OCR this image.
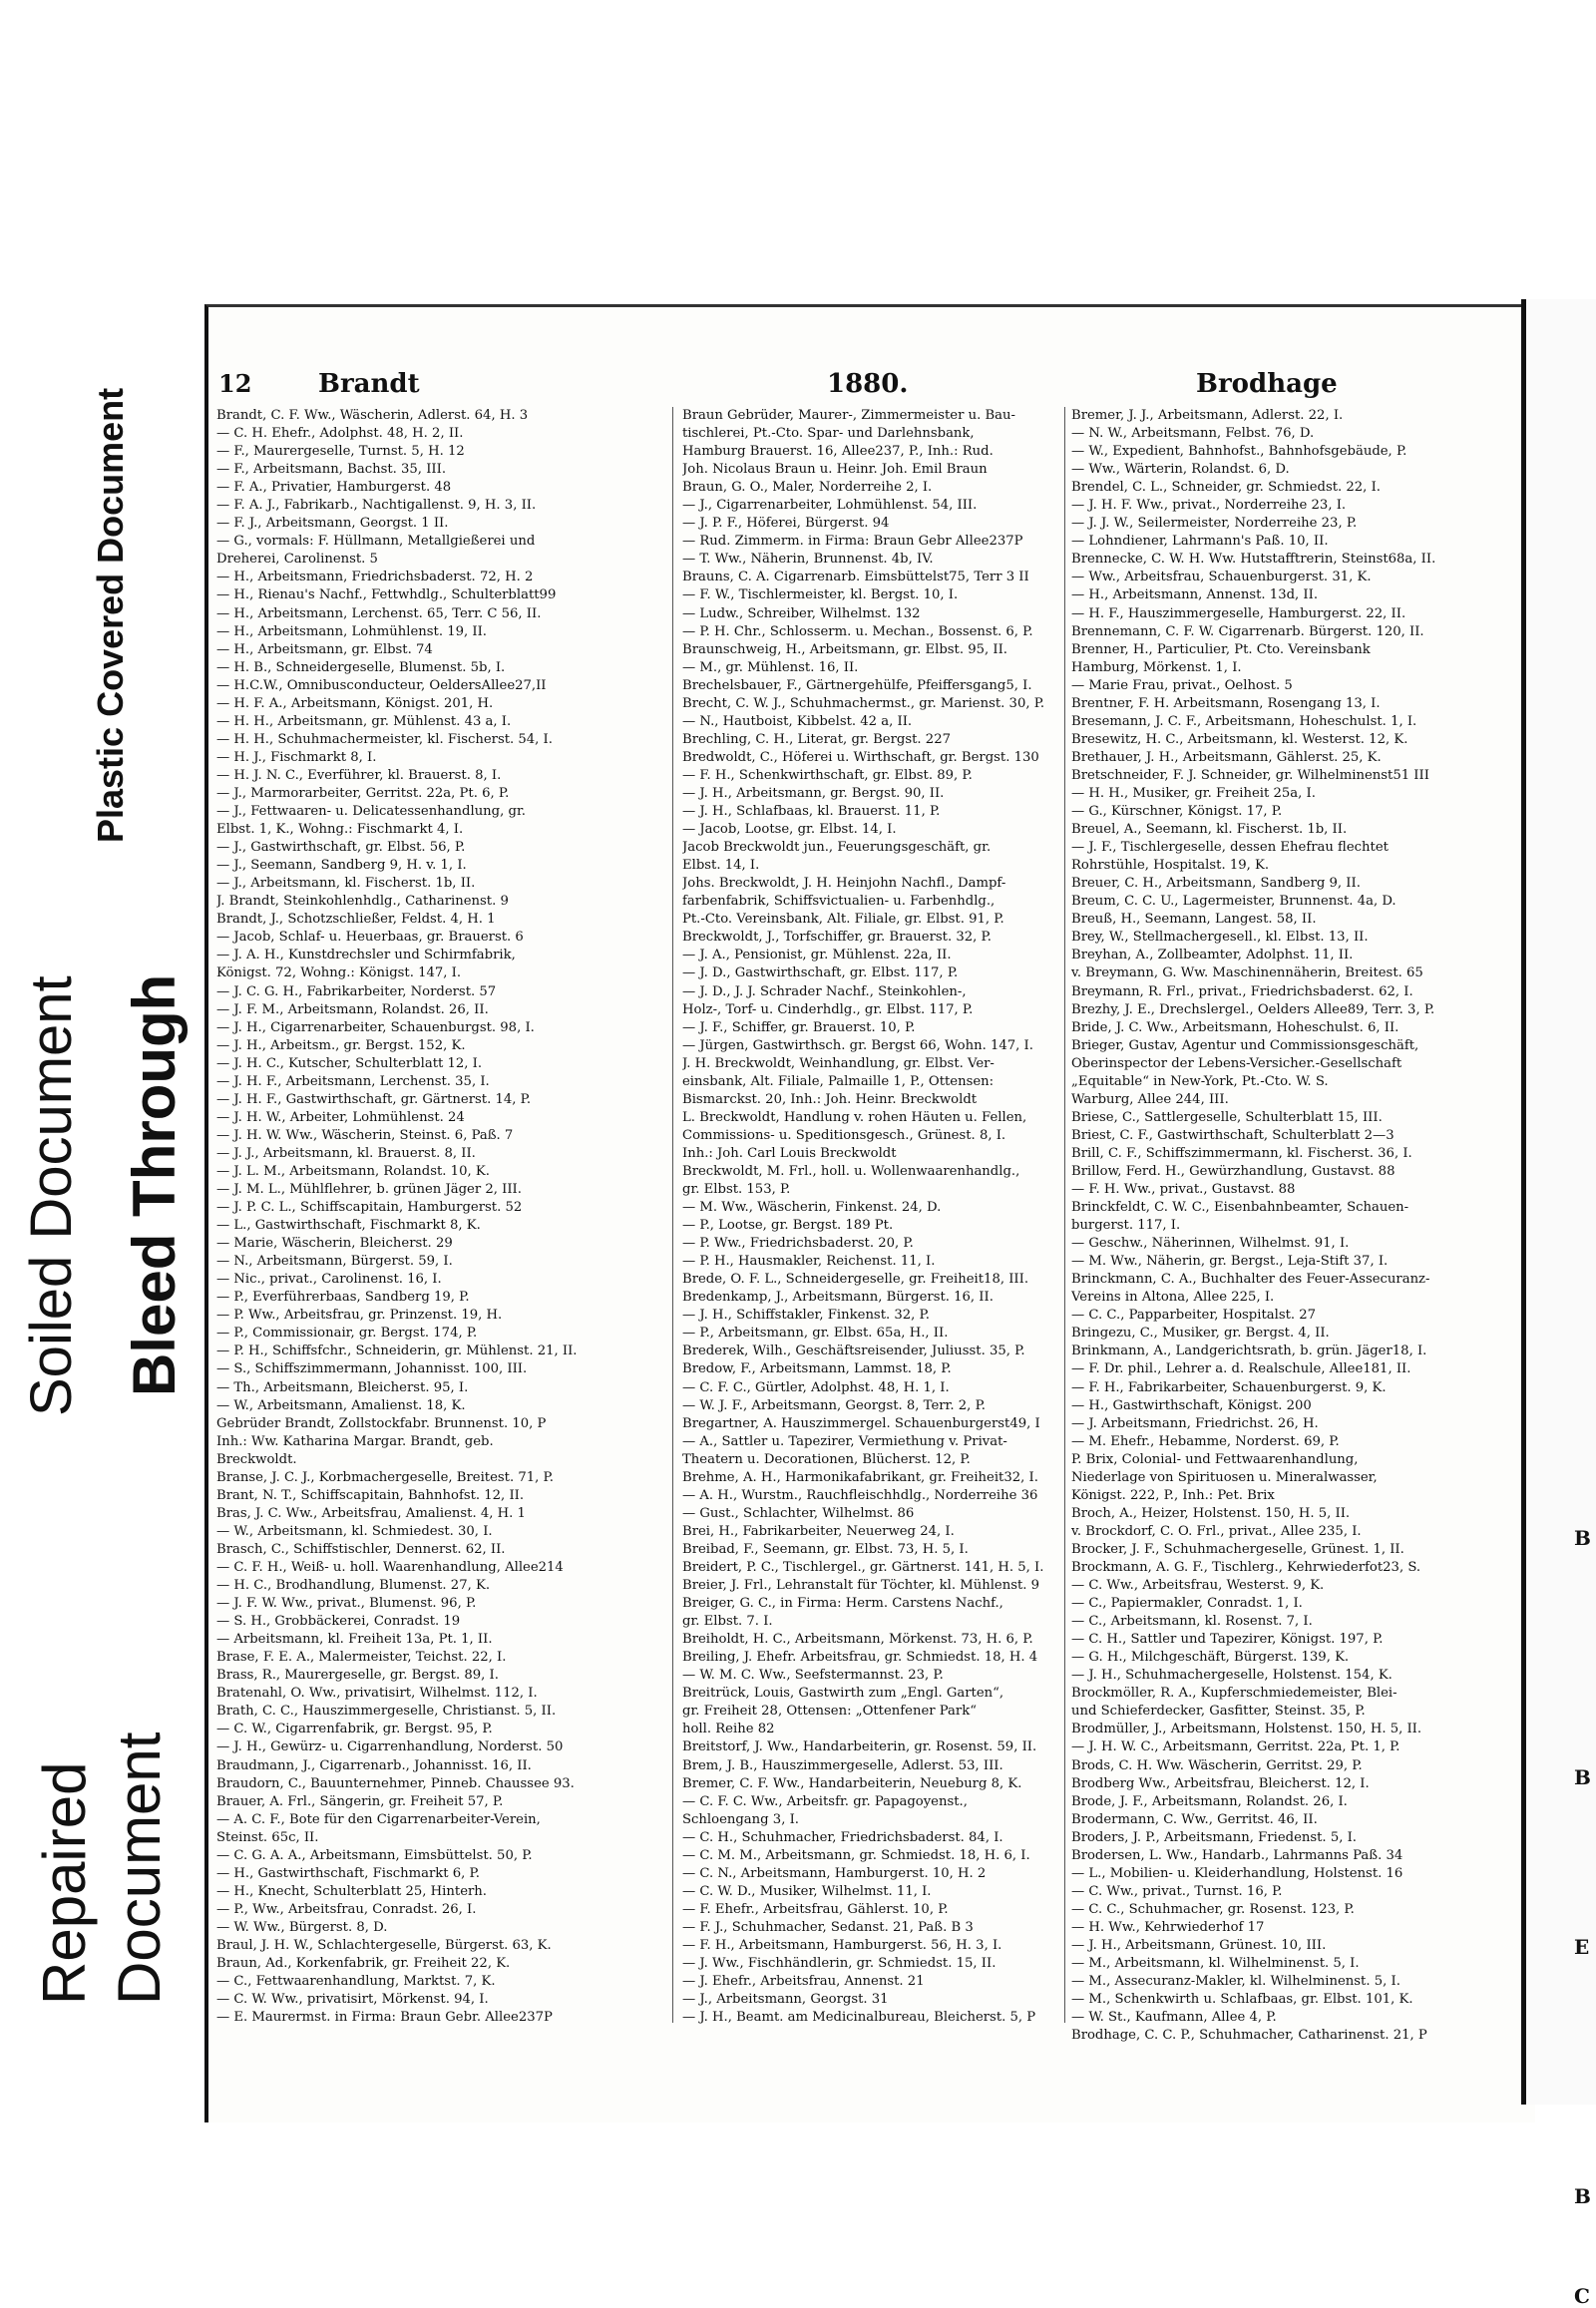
Soiled Document Bleed Through
Plastic Covered Document
Repaired Document
12	Brandt	1880.	Brodhage
Brandt, C. F. Ww., Wäscherin, Adlerst. 64, H. 3
— C. H. Ehefr., Adolphst. 48, H. 2, II.
— F., Maurergeselle, Turnst. 5, H. 12
— F., Arbeitsmann, Bachst. 35, III.
— F. A., Privatier, Hamburgerst. 48
— F. A. J., Fabrikarb., Nachtigallenst. 9, H. 3, II.
— F. J., Arbeitsmann, Georgst. 1 II.
— G., vormals: F. Hüllmann, Metallgießerei und
Dreherei, Carolinenst. 5
— H., Arbeitsmann, Friedrichsbaderst. 72, H. 2
— H., Rienau's Nachf., Fettwhdlg., Schulterblatt99
— H., Arbeitsmann, Lerchenst. 65, Terr. C 56, II.
— H., Arbeitsmann, Lohmühlenst. 19, II.
— H., Arbeitsmann, gr. Elbst. 74
— H. B., Schneidergeselle, Blumenst. 5b, I.
— H.C.W., Omnibusconducteur, OeldersAllee27,II
— H. F. A., Arbeitsmann, Königst. 201, H.
— H. H., Arbeitsmann, gr. Mühlenst. 43 a, I.
— H. H., Schuhmachermeister, kl. Fischerst. 54, I.
— H. J., Fischmarkt 8, I.
— H. J. N. C., Everführer, kl. Brauerst. 8, I.
— J., Marmorarbeiter, Gerritst. 22a, Pt. 6, P.
— J., Fettwaaren- u. Delicatessenhandlung, gr.
Elbst. 1, K., Wohng.: Fischmarkt 4, I.
— J., Gastwirthschaft, gr. Elbst. 56, P.
— J., Seemann, Sandberg 9, H. v. 1, I.
— J., Arbeitsmann, kl. Fischerst. 1b, II.
J. Brandt, Steinkohlenhdlg., Catharinenst. 9
Brandt, J., Schotzschließer, Feldst. 4, H. 1
— Jacob, Schlaf- u. Heuerbaas, gr. Brauerst. 6
— J. A. H., Kunstdrechsler und Schirmfabrik,
Königst. 72, Wohng.: Königst. 147, I.
— J. C. G. H., Fabrikarbeiter, Norderst. 57
— J. F. M., Arbeitsmann, Rolandst. 26, II.
— J. H., Cigarrenarbeiter, Schauenburgst. 98, I.
— J. H., Arbeitsm., gr. Bergst. 152, K.
— J. H. C., Kutscher, Schulterblatt 12, I.
— J. H. F., Arbeitsmann, Lerchenst. 35, I.
— J. H. F., Gastwirthschaft, gr. Gärtnerst. 14, P.
— J. H. W., Arbeiter, Lohmühlenst. 24
— J. H. W. Ww., Wäscherin, Steinst. 6, Paß. 7
— J. J., Arbeitsmann, kl. Brauerst. 8, II.
— J. L. M., Arbeitsmann, Rolandst. 10, K.
— J. M. L., Mühlflehrer, b. grünen Jäger 2, III.
— J. P. C. L., Schiffscapitain, Hamburgerst. 52
— L., Gastwirthschaft, Fischmarkt 8, K.
— Marie, Wäscherin, Bleicherst. 29
— N., Arbeitsmann, Bürgerst. 59, I.
— Nic., privat., Carolinenst. 16, I.
— P., Everführerbaas, Sandberg 19, P.
— P. Ww., Arbeitsfrau, gr. Prinzenst. 19, H.
— P., Commissionair, gr. Bergst. 174, P.
— P. H., Schiffsfchr., Schneiderin, gr. Mühlenst. 21, II.
— S., Schiffszimmermann, Johannisst. 100, III.
— Th., Arbeitsmann, Bleicherst. 95, I.
— W., Arbeitsmann, Amalienst. 18, K.
Gebrüder Brandt, Zollstockfabr. Brunnenst. 10, P
Inh.: Ww. Katharina Margar. Brandt, geb.
Breckwoldt.
Branse, J. C. J., Korbmachergeselle, Breitest. 71, P.
Brant, N. T., Schiffscapitain, Bahnhofst. 12, II.
Bras, J. C. Ww., Arbeitsfrau, Amalienst. 4, H. 1
— W., Arbeitsmann, kl. Schmiedest. 30, I.
Brasch, C., Schiffstischler, Dennerst. 62, II.
— C. F. H., Weiß- u. holl. Waarenhandlung, Allee214
— H. C., Brodhandlung, Blumenst. 27, K.
— J. F. W. Ww., privat., Blumenst. 96, P.
— S. H., Grobbäckerei, Conradst. 19
— Arbeitsmann, kl. Freiheit 13a, Pt. 1, II.
Brase, F. E. A., Malermeister, Teichst. 22, I.
Brass, R., Maurergeselle, gr. Bergst. 89, I.
Bratenahl, O. Ww., privatisirt, Wilhelmst. 112, I.
Brath, C. C., Hauszimmergeselle, Christianst. 5, II.
— C. W., Cigarrenfabrik, gr. Bergst. 95, P.
— J. H., Gewürz- u. Cigarrenhandlung, Norderst. 50
Braudmann, J., Cigarrenarb., Johannisst. 16, II.
Braudorn, C., Bauunternehmer, Pinneb. Chaussee 93.
Brauer, A. Frl., Sängerin, gr. Freiheit 57, P.
— A. C. F., Bote für den Cigarrenarbeiter-Verein,
Steinst. 65c, II.
— C. G. A. A., Arbeitsmann, Eimsbüttelst. 50, P.
— H., Gastwirthschaft, Fischmarkt 6, P.
— H., Knecht, Schulterblatt 25, Hinterh.
— P., Ww., Arbeitsfrau, Conradst. 26, I.
— W. Ww., Bürgerst. 8, D.
Braul, J. H. W., Schlachtergeselle, Bürgerst. 63, K.
Braun, Ad., Korkenfabrik, gr. Freiheit 22, K.
— C., Fettwaarenhandlung, Marktst. 7, K.
— C. W. Ww., privatisirt, Mörkenst. 94, I.
— E. Maurermst. in Firma: Braun Gebr. Allee237P
Braun Gebrüder, Maurer-, Zimmermeister u. Bau-
tischlerei, Pt.-Cto. Spar- und Darlehnsbank,
Hamburg Brauerst. 16, Allee237, P., Inh.: Rud.
Joh. Nicolaus Braun u. Heinr. Joh. Emil Braun
Braun, G. O., Maler, Norderreihe 2, I.
— J., Cigarrenarbeiter, Lohmühlenst. 54, III.
— J. P. F., Höferei, Bürgerst. 94
— Rud. Zimmerm. in Firma: Braun Gebr Allee237P
— T. Ww., Näherin, Brunnenst. 4b, IV.
Brauns, C. A. Cigarrenarb. Eimsbüttelst75, Terr 3 II
— F. W., Tischlermeister, kl. Bergst. 10, I.
— Ludw., Schreiber, Wilhelmst. 132
— P. H. Chr., Schlosserm. u. Mechan., Bossenst. 6, P.
Braunschweig, H., Arbeitsmann, gr. Elbst. 95, II.
— M., gr. Mühlenst. 16, II.
Brechelsbauer, F., Gärtnergehülfe, Pfeiffersgang5, I.
Brecht, C. W. J., Schuhmachermst., gr. Marienst. 30, P.
— N., Hautboist, Kibbelst. 42 a, II.
Brechling, C. H., Literat, gr. Bergst. 227
Bredwoldt, C., Höferei u. Wirthschaft, gr. Bergst. 130
— F. H., Schenkwirthschaft, gr. Elbst. 89, P.
— J. H., Arbeitsmann, gr. Bergst. 90, II.
— J. H., Schlafbaas, kl. Brauerst. 11, P.
— Jacob, Lootse, gr. Elbst. 14, I.
Jacob Breckwoldt jun., Feuerungsgeschäft, gr.
Elbst. 14, I.
Johs. Breckwoldt, J. H. Heinjohn Nachfl., Dampf-
farbenfabrik, Schiffsvictualien- u. Farbenhdlg.,
Pt.-Cto. Vereinsbank, Alt. Filiale, gr. Elbst. 91, P.
Breckwoldt, J., Torfschiffer, gr. Brauerst. 32, P.
— J. A., Pensionist, gr. Mühlenst. 22a, II.
— J. D., Gastwirthschaft, gr. Elbst. 117, P.
— J. D., J. J. Schrader Nachf., Steinkohlen-,
Holz-, Torf- u. Cinderhdlg., gr. Elbst. 117, P.
— J. F., Schiffer, gr. Brauerst. 10, P.
— Jürgen, Gastwirthsch. gr. Bergst 66, Wohn. 147, I.
J. H. Breckwoldt, Weinhandlung, gr. Elbst. Ver-
einsbank, Alt. Filiale, Palmaille 1, P., Ottensen:
Bismarckst. 20, Inh.: Joh. Heinr. Breckwoldt
L. Breckwoldt, Handlung v. rohen Häuten u. Fellen,
Commissions- u. Speditionsgesch., Grünest. 8, I.
Inh.: Joh. Carl Louis Breckwoldt
Breckwoldt, M. Frl., holl. u. Wollenwaarenhandlg.,
gr. Elbst. 153, P.
— M. Ww., Wäscherin, Finkenst. 24, D.
— P., Lootse, gr. Bergst. 189 Pt.
— P. Ww., Friedrichsbaderst. 20, P.
— P. H., Hausmakler, Reichenst. 11, I.
Brede, O. F. L., Schneidergeselle, gr. Freiheit18, III.
Bredenkamp, J., Arbeitsmann, Bürgerst. 16, II.
— J. H., Schiffstakler, Finkenst. 32, P.
— P., Arbeitsmann, gr. Elbst. 65a, H., II.
Brederek, Wilh., Geschäftsreisender, Juliusst. 35, P.
Bredow, F., Arbeitsmann, Lammst. 18, P.
— C. F. C., Gürtler, Adolphst. 48, H. 1, I.
— W. J. F., Arbeitsmann, Georgst. 8, Terr. 2, P.
Bregartner, A. Hauszimmergel. Schauenburgerst49, I
— A., Sattler u. Tapezirer, Vermiethung v. Privat-
Theatern u. Decorationen, Blücherst. 12, P.
Brehme, A. H., Harmonikafabrikant, gr. Freiheit32, I.
— A. H., Wurstm., Rauchfleischhdlg., Norderreihe 36
— Gust., Schlachter, Wilhelmst. 86
Brei, H., Fabrikarbeiter, Neuerweg 24, I.
Breibad, F., Seemann, gr. Elbst. 73, H. 5, I.
Breidert, P. C., Tischlergel., gr. Gärtnerst. 141, H. 5, I.
Breier, J. Frl., Lehranstalt für Töchter, kl. Mühlenst. 9
Breiger, G. C., in Firma: Herm. Carstens Nachf.,
gr. Elbst. 7. I.
Breiholdt, H. C., Arbeitsmann, Mörkenst. 73, H. 6, P.
Breiling, J. Ehefr. Arbeitsfrau, gr. Schmiedst. 18, H. 4
— W. M. C. Ww., Seefstermannst. 23, P.
Breitrück, Louis, Gastwirth zum „Engl. Garten“,
gr. Freiheit 28, Ottensen: „Ottenfener Park“
holl. Reihe 82
Breitstorf, J. Ww., Handarbeiterin, gr. Rosenst. 59, II.
Brem, J. B., Hauszimmergeselle, Adlerst. 53, III.
Bremer, C. F. Ww., Handarbeiterin, Neueburg 8, K.
— C. F. C. Ww., Arbeitsfr. gr. Papagoyenst.,
Schloengang 3, I.
— C. H., Schuhmacher, Friedrichsbaderst. 84, I.
— C. M. M., Arbeitsmann, gr. Schmiedst. 18, H. 6, I.
— C. N., Arbeitsmann, Hamburgerst. 10, H. 2
— C. W. D., Musiker, Wilhelmst. 11, I.
— F. Ehefr., Arbeitsfrau, Gählerst. 10, P.
— F. J., Schuhmacher, Sedanst. 21, Paß. B 3
— F. H., Arbeitsmann, Hamburgerst. 56, H. 3, I.
— J. Ww., Fischhändlerin, gr. Schmiedst. 15, II.
— J. Ehefr., Arbeitsfrau, Annenst. 21
— J., Arbeitsmann, Georgst. 31
— J. H., Beamt. am Medicinalbureau, Bleicherst. 5, P
Bremer, J. J., Arbeitsmann, Adlerst. 22, I.
— N. W., Arbeitsmann, Felbst. 76, D.
— W., Expedient, Bahnhofst., Bahnhofsgebäude, P.
— Ww., Wärterin, Rolandst. 6, D.
Brendel, C. L., Schneider, gr. Schmiedst. 22, I.
— J. H. F. Ww., privat., Norderreihe 23, I.
— J. J. W., Seilermeister, Norderreihe 23, P.
— Lohndiener, Lahrmann's Paß. 10, II.
Brennecke, C. W. H. Ww. Hutstafftrerin, Steinst68a, II.
— Ww., Arbeitsfrau, Schauenburgerst. 31, K.
— H., Arbeitsmann, Annenst. 13d, II.
— H. F., Hauszimmergeselle, Hamburgerst. 22, II.
Brennemann, C. F. W. Cigarrenarb. Bürgerst. 120, II.
Brenner, H., Particulier, Pt. Cto. Vereinsbank
Hamburg, Mörkenst. 1, I.
— Marie Frau, privat., Oelhost. 5
Brentner, F. H. Arbeitsmann, Rosengang 13, I.
Bresemann, J. C. F., Arbeitsmann, Hoheschulst. 1, I.
Bresewitz, H. C., Arbeitsmann, kl. Westerst. 12, K.
Brethauer, J. H., Arbeitsmann, Gählerst. 25, K.
Bretschneider, F. J. Schneider, gr. Wilhelminenst51 III
— H. H., Musiker, gr. Freiheit 25a, I.
— G., Kürschner, Königst. 17, P.
Breuel, A., Seemann, kl. Fischerst. 1b, II.
— J. F., Tischlergeselle, dessen Ehefrau flechtet
Rohrstühle, Hospitalst. 19, K.
Breuer, C. H., Arbeitsmann, Sandberg 9, II.
Breum, C. C. U., Lagermeister, Brunnenst. 4a, D.
Breuß, H., Seemann, Langest. 58, II.
Brey, W., Stellmachergesell., kl. Elbst. 13, II.
Breyhan, A., Zollbeamter, Adolphst. 11, II.
v. Breymann, G. Ww. Maschinennäherin, Breitest. 65
Breymann, R. Frl., privat., Friedrichsbaderst. 62, I.
Brezhy, J. E., Drechslergel., Oelders Allee89, Terr. 3, P.
Bride, J. C. Ww., Arbeitsmann, Hoheschulst. 6, II.
Brieger, Gustav, Agentur und Commissionsgeschäft,
Oberinspector der Lebens-Versicher.-Gesellschaft
„Equitable“ in New-York, Pt.-Cto. W. S.
Warburg, Allee 244, III.
Briese, C., Sattlergeselle, Schulterblatt 15, III.
Briest, C. F., Gastwirthschaft, Schulterblatt 2—3
Brill, C. F., Schiffszimmermann, kl. Fischerst. 36, I.
Brillow, Ferd. H., Gewürzhandlung, Gustavst. 88
— F. H. Ww., privat., Gustavst. 88
Brinckfeldt, C. W. C., Eisenbahnbeamter, Schauen-
burgerst. 117, I.
— Geschw., Näherinnen, Wilhelmst. 91, I.
— M. Ww., Näherin, gr. Bergst., Leja-Stift 37, I.
Brinckmann, C. A., Buchhalter des Feuer-Assecuranz-
Vereins in Altona, Allee 225, I.
— C. C., Papparbeiter, Hospitalst. 27
Bringezu, C., Musiker, gr. Bergst. 4, II.
Brinkmann, A., Landgerichtsrath, b. grün. Jäger18, I.
— F. Dr. phil., Lehrer a. d. Realschule, Allee181, II.
— F. H., Fabrikarbeiter, Schauenburgerst. 9, K.
— H., Gastwirthschaft, Königst. 200
— J. Arbeitsmann, Friedrichst. 26, H.
— M. Ehefr., Hebamme, Norderst. 69, P.
P. Brix, Colonial- und Fettwaarenhandlung,
Niederlage von Spirituosen u. Mineralwasser,
Königst. 222, P., Inh.: Pet. Brix
Broch, A., Heizer, Holstenst. 150, H. 5, II.
v. Brockdorf, C. O. Frl., privat., Allee 235, I.
Brocker, J. F., Schuhmachergeselle, Grünest. 1, II.
Brockmann, A. G. F., Tischlerg., Kehrwiederfot23, S.
— C. Ww., Arbeitsfrau, Westerst. 9, K.
— C., Papiermakler, Conradst. 1, I.
— C., Arbeitsmann, kl. Rosenst. 7, I.
— C. H., Sattler und Tapezirer, Königst. 197, P.
— G. H., Milchgeschäft, Bürgerst. 139, K.
— J. H., Schuhmachergeselle, Holstenst. 154, K.
Brockmöller, R. A., Kupferschmiedemeister, Blei-
und Schieferdecker, Gasfitter, Steinst. 35, P.
Brodmüller, J., Arbeitsmann, Holstenst. 150, H. 5, II.
— J. H. W. C., Arbeitsmann, Gerritst. 22a, Pt. 1, P.
Brods, C. H. Ww. Wäscherin, Gerritst. 29, P.
Brodberg Ww., Arbeitsfrau, Bleicherst. 12, I.
Brode, J. F., Arbeitsmann, Rolandst. 26, I.
Brodermann, C. Ww., Gerritst. 46, II.
Broders, J. P., Arbeitsmann, Friedenst. 5, I.
Brodersen, L. Ww., Handarb., Lahrmanns Paß. 34
— L., Mobilien- u. Kleiderhandlung, Holstenst. 16
— C. Ww., privat., Turnst. 16, P.
— C. C., Schuhmacher, gr. Rosenst. 123, P.
— H. Ww., Kehrwiederhof 17
— J. H., Arbeitsmann, Grünest. 10, III.
— M., Arbeitsmann, kl. Wilhelminenst. 5, I.
— M., Assecuranz-Makler, kl. Wilhelminenst. 5, I.
— M., Schenkwirth u. Schlafbaas, gr. Elbst. 101, K.
— W. St., Kaufmann, Allee 4, P.
Brodhage, C. C. P., Schuhmacher, Catharinenst. 21, P
B
B
E
B
C
